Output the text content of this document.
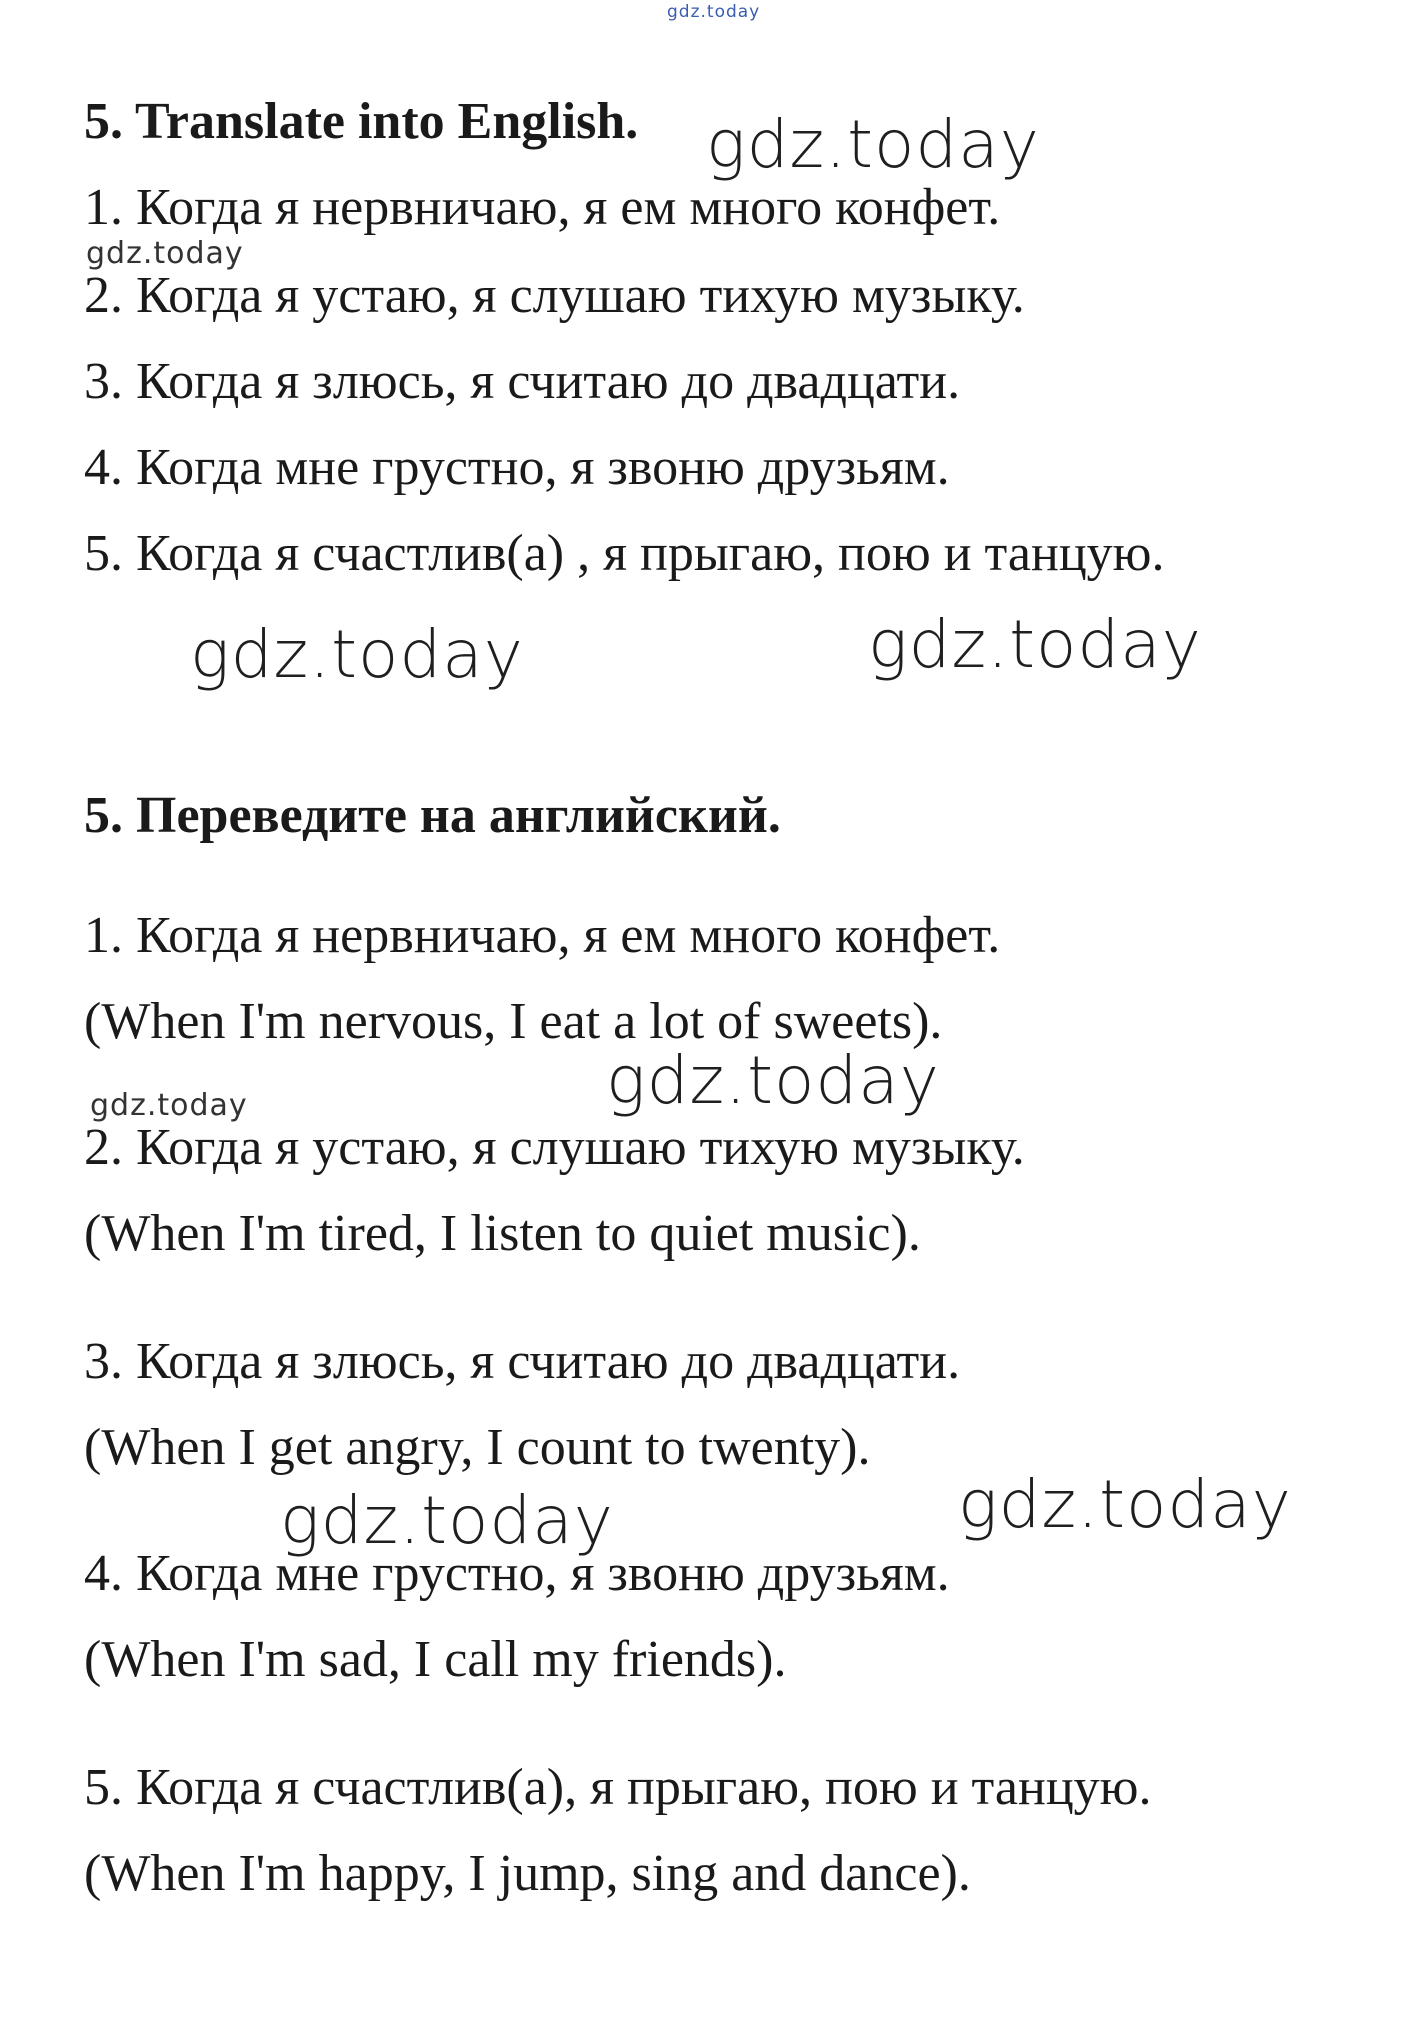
5. Translate into English.
1. Когда я нервничаю, я ем много конфет.
2. Когда я устаю, я слушаю тихую музыку.
3. Когда я злюсь, я считаю до двадцати.
4. Когда мне грустно, я звоню друзьям.
5. Когда я счастлив(а) , я прыгаю, пою и танцую.
5. Переведите на английский.
1. Когда я нервничаю, я ем много конфет.
(When I'm nervous, I eat a lot of sweets).
2. Когда я устаю, я слушаю тихую музыку.
(When I'm tired, I listen to quiet music).
3. Когда я злюсь, я считаю до двадцати.
(When I get angry, I count to twenty).
4. Когда мне грустно, я звоню друзьям.
(When I'm sad, I call my friends).
5. Когда я счастлив(а), я прыгаю, пою и танцую.
(When I'm happy, I jump, sing and dance).
gdz.today
gdz.today
gdz.today
gdz.today	gdz.today
gdz.today
gdz.today
gdz.today	gdz.today
